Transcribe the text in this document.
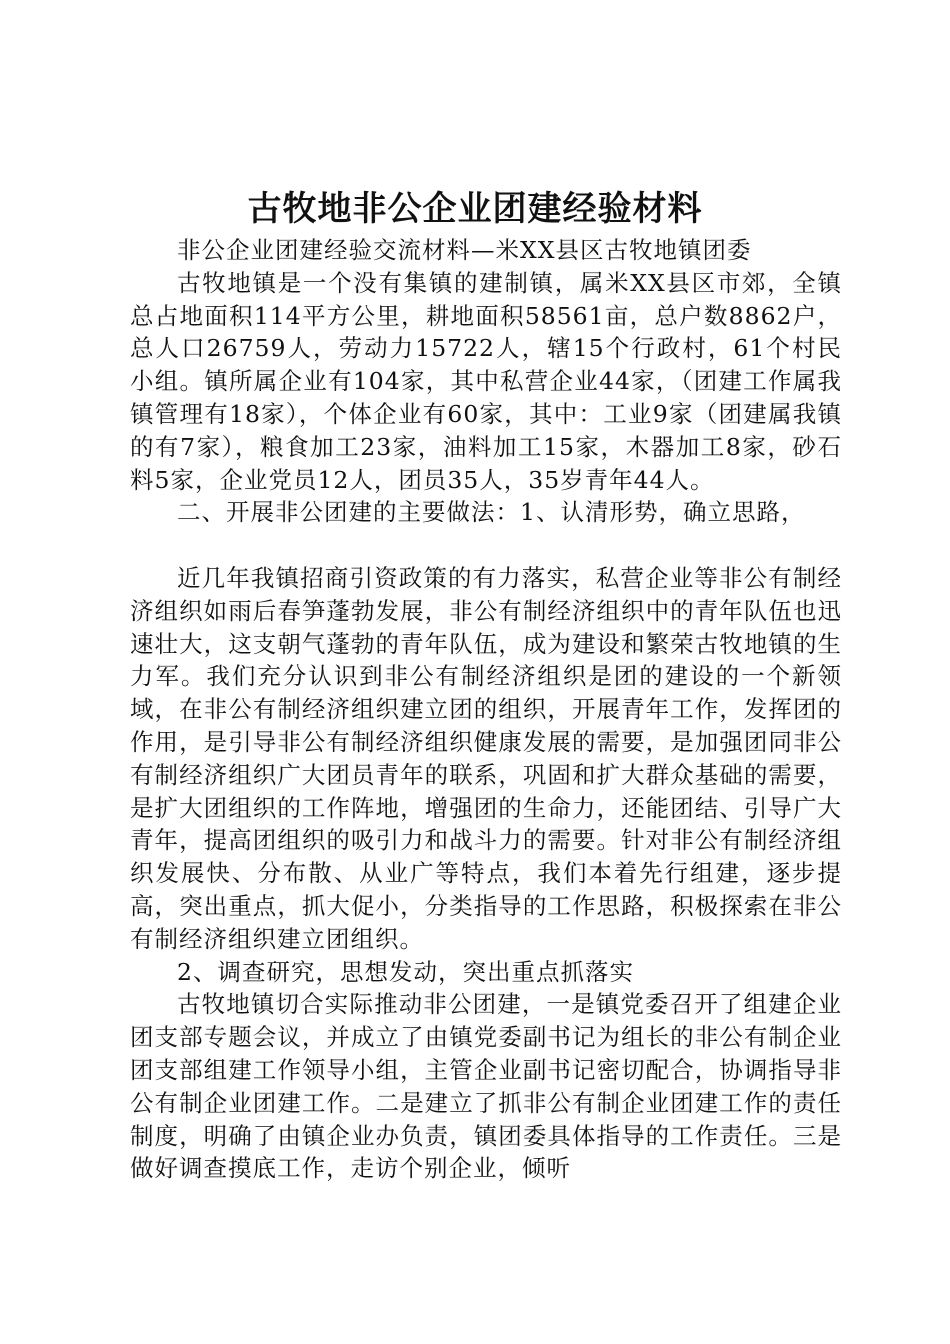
古牧地非公企业团建经验材料

非公企业团建经验交流材料—米XX县区古牧地镇团委

古牧地镇是一个没有集镇的建制镇，属米XX县区市郊，全镇总占地面积114平方公里，耕地面积58561亩，总户数8862户，总人口26759人，劳动力15722人，辖15个行政村，61个村民小组。镇所属企业有104家，其中私营企业44家，（团建工作属我镇管理有18家），个体企业有60家，其中：工业9家（团建属我镇的有7家），粮食加工23家，油料加工15家，木器加工8家，砂石料5家，企业党员12人，团员35人，35岁青年44人。

二、开展非公团建的主要做法：1、认清形势，确立思路，

近几年我镇招商引资政策的有力落实，私营企业等非公有制经济组织如雨后春笋蓬勃发展，非公有制经济组织中的青年队伍也迅速壮大，这支朝气蓬勃的青年队伍，成为建设和繁荣古牧地镇的生力军。我们充分认识到非公有制经济组织是团的建设的一个新领域，在非公有制经济组织建立团的组织，开展青年工作，发挥团的作用，是引导非公有制经济组织健康发展的需要，是加强团同非公有制经济组织广大团员青年的联系，巩固和扩大群众基础的需要，是扩大团组织的工作阵地，增强团的生命力，还能团结、引导广大青年，提高团组织的吸引力和战斗力的需要。针对非公有制经济组织发展快、分布散、从业广等特点，我们本着先行组建，逐步提高，突出重点，抓大促小，分类指导的工作思路，积极探索在非公有制经济组织建立团组织。

2、调查研究，思想发动，突出重点抓落实

古牧地镇切合实际推动非公团建，一是镇党委召开了组建企业团支部专题会议，并成立了由镇党委副书记为组长的非公有制企业团支部组建工作领导小组，主管企业副书记密切配合，协调指导非公有制企业团建工作。二是建立了抓非公有制企业团建工作的责任制度，明确了由镇企业办负责，镇团委具体指导的工作责任。三是做好调查摸底工作，走访个别企业，倾听
